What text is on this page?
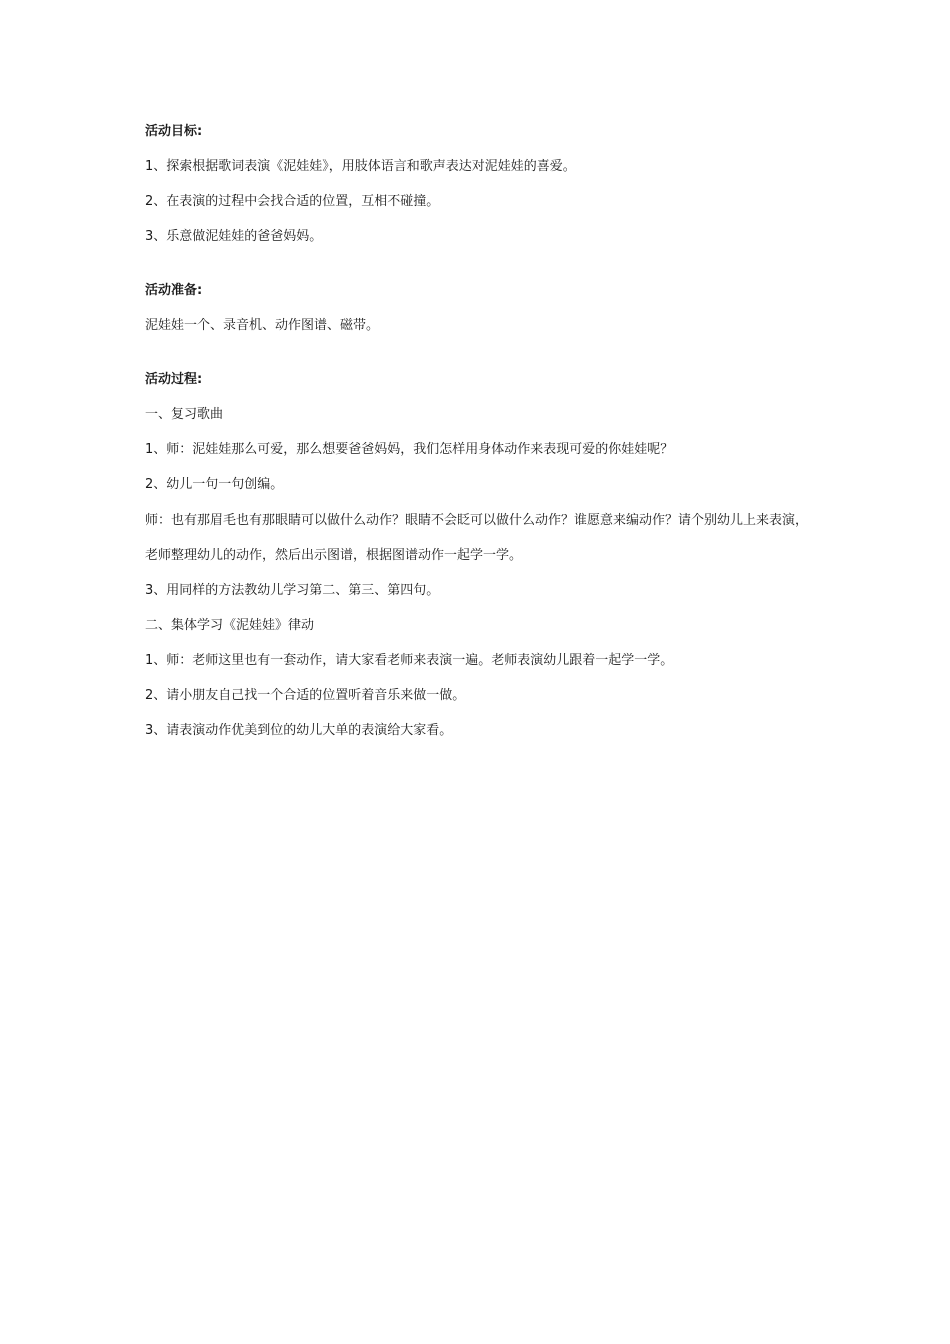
活动目标:
1、探索根据歌词表演《泥娃娃》，用肢体语言和歌声表达对泥娃娃的喜爱。
2、在表演的过程中会找合适的位置，互相不碰撞。
3、乐意做泥娃娃的爸爸妈妈。
活动准备:
泥娃娃一个、录音机、动作图谱、磁带。
活动过程:
一、复习歌曲
1、师：泥娃娃那么可爱，那么想要爸爸妈妈，我们怎样用身体动作来表现可爱的你娃娃呢？
2、幼儿一句一句创编。
师：也有那眉毛也有那眼睛可以做什么动作？眼睛不会眨可以做什么动作？谁愿意来编动作？请个别幼儿上来表演，老师整理幼儿的动作，然后出示图谱，根据图谱动作一起学一学。
3、用同样的方法教幼儿学习第二、第三、第四句。
二、集体学习《泥娃娃》律动
1、师：老师这里也有一套动作，请大家看老师来表演一遍。老师表演幼儿跟着一起学一学。
2、请小朋友自己找一个合适的位置听着音乐来做一做。
3、请表演动作优美到位的幼儿大单的表演给大家看。
